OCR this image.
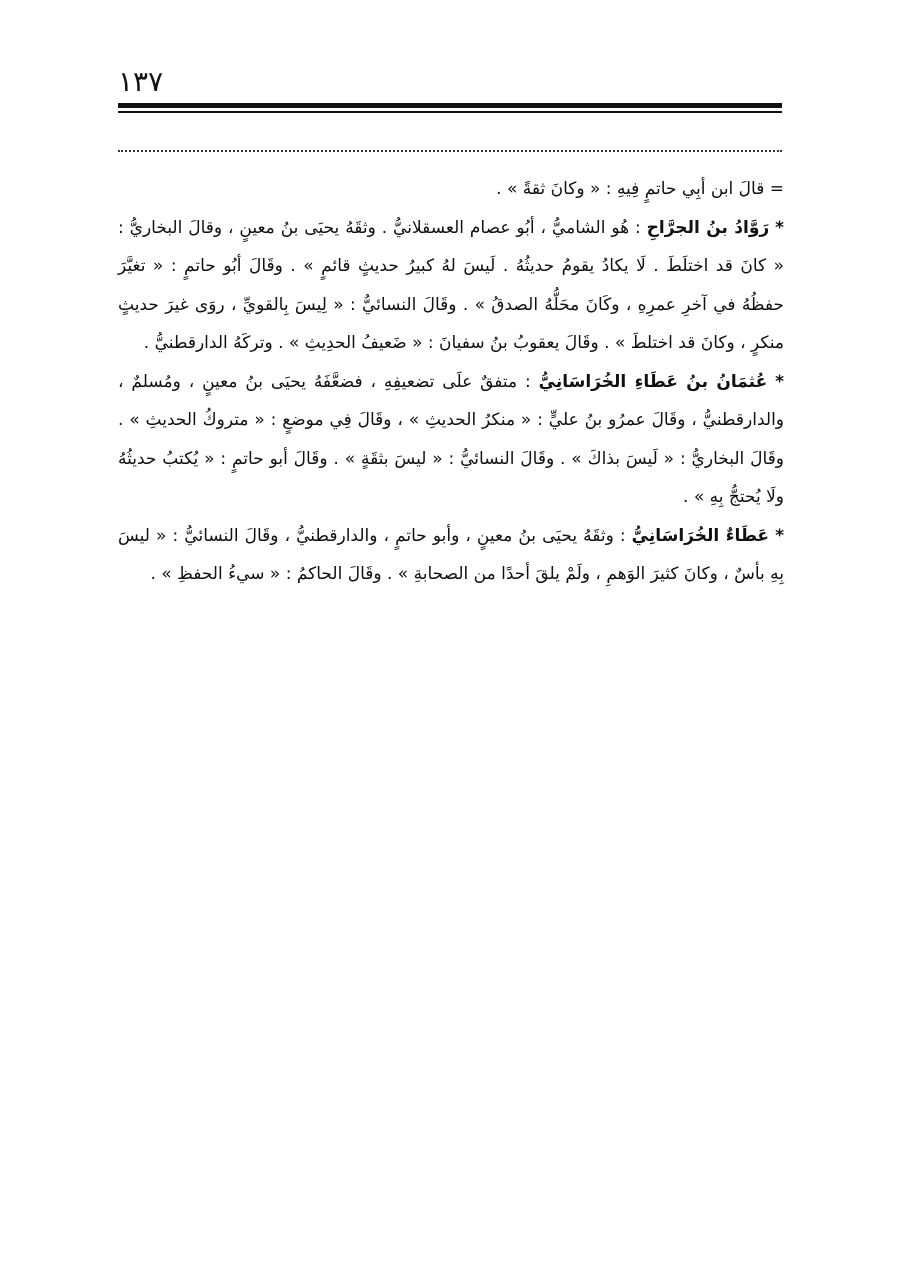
١٣٧

= قالَ ابن أبِي حاتمٍ فِيهِ : « وكانَ ثقةً » .

* رَوَّادُ بنُ الجرَّاحِ : هُو الشاميُّ ، أبُو عصام العسقلانيُّ . وثقَهُ يحيَى بنُ معينٍ ، وقالَ البخاريُّ : « كانَ قد اختلَطَ . لَا يكادُ يقومُ حديثُهُ . لَيسَ لهُ كبيرُ حديثٍ قائمٍ » . وقَالَ أبُو حاتمٍ : « تغيَّرَ حفظُهُ في آخرِ عمرِهِ ، وكَانَ محَلُّهُ الصدقُ » . وقَالَ النسائيُّ : « لِيسَ بِالقويِّ ، روَى غيرَ حديثٍ منكرٍ ، وكانَ قد اختلطَ » . وقَالَ يعقوبُ بنُ سفيانَ : « ضَعيفُ الحدِيثِ » . وتركَهُ الدارقطنيُّ .

* عُثمَانُ بنُ عَطَاءِ الخُرَاسَانِيُّ : متفقٌ علَى تضعيفِهِ ، فضعَّفَهُ يحيَى بنُ معينٍ ، ومُسلمٌ ، والدارقطنيُّ ، وقَالَ عمرُو بنُ عليٍّ : « منكرُ الحديثِ » ، وقَالَ فِي موضعٍ : « متروكُ الحديثِ » . وقَالَ البخاريُّ : « لَيسَ بذاكَ » . وقَالَ النسائيُّ : « ليسَ بثقَةٍ » . وقَالَ أبو حاتمٍ : « يُكتبُ حديثُهُ ولَا يُحتجُّ بِهِ » .

* عَطَاءٌ الخُرَاسَانِيُّ : وثقَهُ يحيَى بنُ معينٍ ، وأبو حاتمٍ ، والدارقطنيُّ ، وقَالَ النسائيُّ : « ليسَ بِهِ بأسٌ ، وكانَ كثيرَ الوَهمِ ، ولَمْ يلقَ أحدًا من الصحابةِ » . وقَالَ الحاكمُ : « سيءُ الحفظِ » .
